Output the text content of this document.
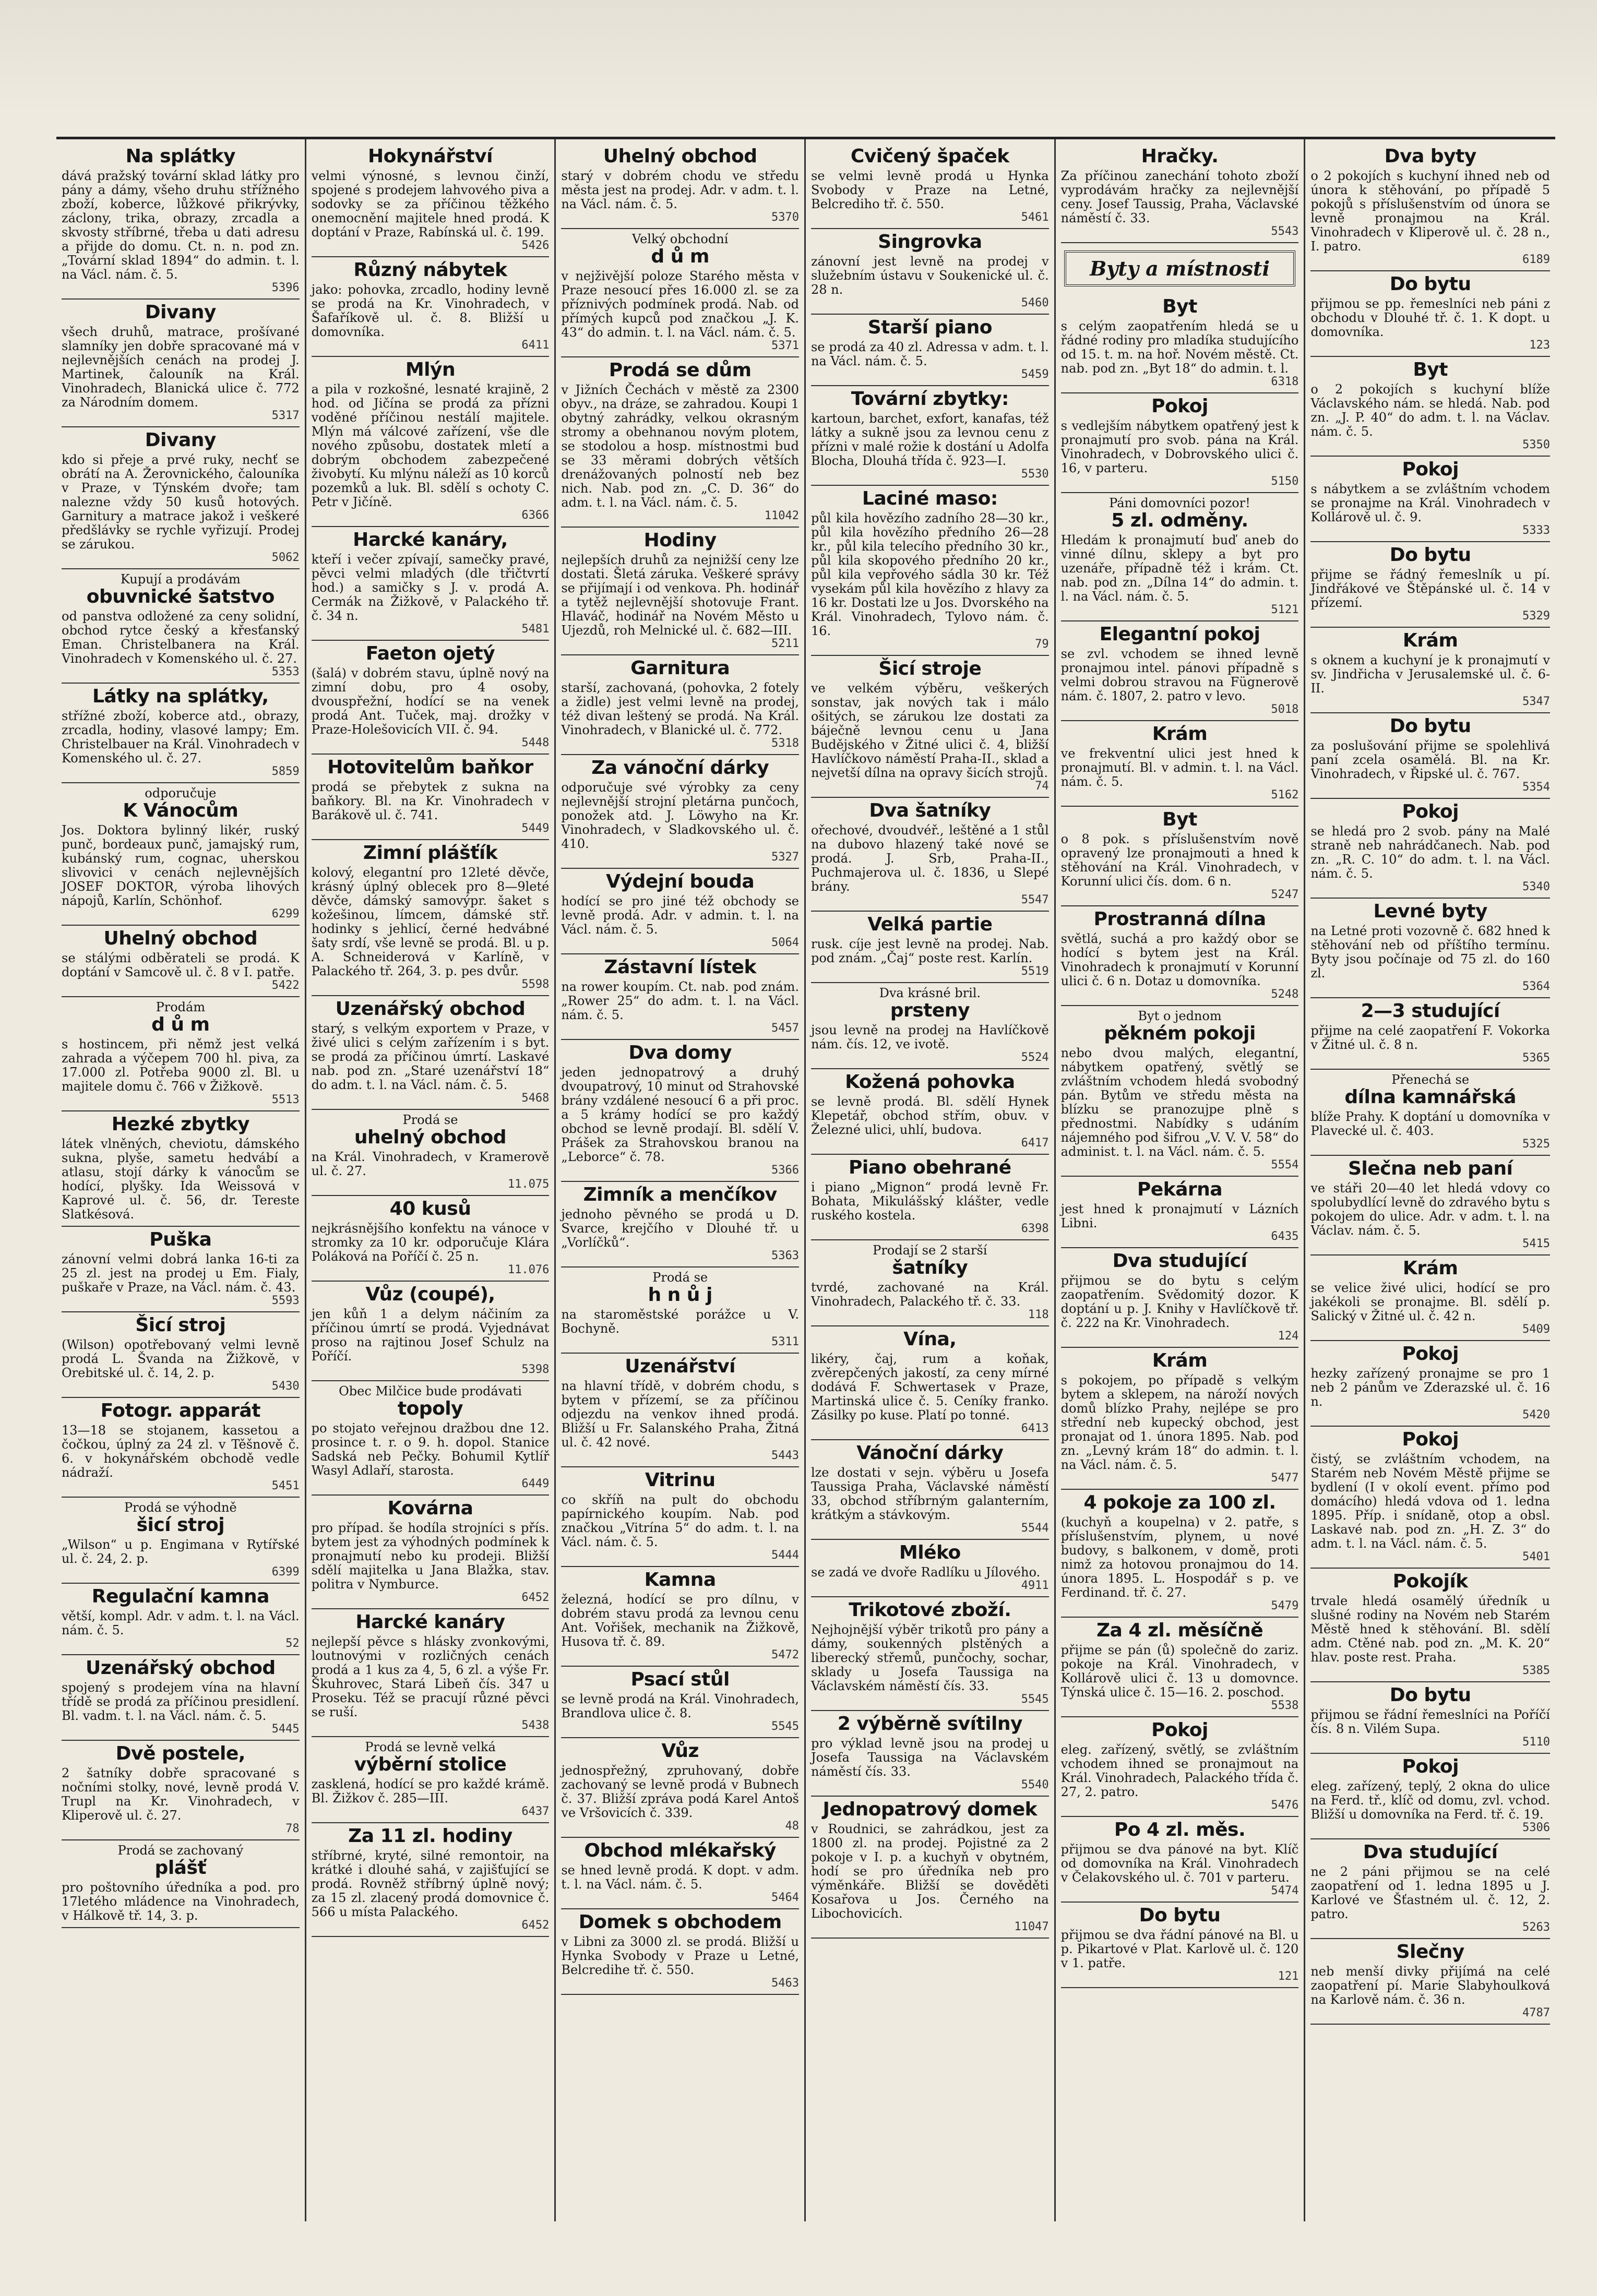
Na splátky

dává pražský tovární sklad látky pro pány a dámy, všeho druhu střížného zboží, koberce, lůžkové přikrývky, záclony, trika, obrazy, zrcadla a skvosty stříbrné, třeba u dati adresu a přijde do domu. Ct. n. n. pod zn. „Tovární sklad 1894“ do admin. t. l. na Václ. nám. č. 5.

5396
Divany

všech druhů, matrace, prošívané slamníky jen dobře spracované má v nejlevnějších cenách na prodej J. Martinek, čalouník na Král. Vinohradech, Blanická ulice č. 772 za Národním domem.

5317
Divany

kdo si přeje a prvé ruky, nechť se obrátí na A. Žerovnického, čalouníka v Praze, v Týnském dvoře; tam nalezne vždy 50 kusů hotových. Garnitury a matrace jakož i veškeré předšlávky se rychle vyřizují. Prodej se zárukou.

5062
Kupují a prodávám
obuvnické šatstvo

od panstva odložené za ceny solidní, obchod rytce český a křesťanský Eman. Christelbanera na Král. Vinohradech v Komenského ul. č. 27.

5353
Látky na splátky,

střížné zboží, koberce atd., obrazy, zrcadla, hodiny, vlasové lampy; Em. Christelbauer na Král. Vinohradech v Komenského ul. č. 27.

5859
odporučuje
K Vánocům

Jos. Doktora bylinný likér, ruský punč, bordeaux punč, jamajský rum, kubánský rum, cognac, uherskou slivovici v cenách nejlevnějších JOSEF DOKTOR, výroba lihových nápojů, Karlín, Schönhof.

6299
Uhelný obchod

se stálými odběrateli se prodá. K doptání v Samcově ul. č. 8 v I. patře.

5422
Prodám
d ů m

s hostincem, při němž jest velká zahrada a výčepem 700 hl. piva, za 17.000 zl. Potřeba 9000 zl. Bl. u majitele domu č. 766 v Žižkově.

5513
Hezké zbytky

látek vlněných, cheviotu, dámského sukna, plyše, sametu hedvábí a atlasu, stojí dárky k vánocům se hodící, plyšky. Ida Weissová v Kaprové ul. č. 56, dr. Tereste Slatkésová.

Puška

zánovní velmi dobrá lanka 16-ti za 25 zl. jest na prodej u Em. Fialy, puškaře v Praze, na Václ. nám. č. 43.

5593
Šicí stroj

(Wilson) opotřebovaný velmi levně prodá L. Švanda na Žižkově, v Orebitské ul. č. 14, 2. p.

5430
Fotogr. apparát

13—18 se stojanem, kassetou a čočkou, úplný za 24 zl. v Těšnově č. 6. v hokynářském obchodě vedle nádraží.

5451
Prodá se výhodně
šicí stroj

„Wilson“ u p. Engimana v Rytířské ul. č. 24, 2. p.

6399
Regulační kamna

větší, kompl. Adr. v adm. t. l. na Václ. nám. č. 5.

52
Uzenářský obchod

spojený s prodejem vína na hlavní třídě se prodá za příčinou presidlení. Bl. vadm. t. l. na Václ. nám. č. 5.

5445
Dvě postele,

2 šatníky dobře spracované s nočními stolky, nové, levně prodá V. Trupl na Kr. Vinohradech, v Kliperově ul. č. 27.

78
Prodá se zachovaný
plášť

pro poštovního úředníka a pod. pro 17letého mládence na Vinohradech, v Hálkově tř. 14, 3. p.

Hokynářství

velmi výnosné, s levnou činží, spojené s prodejem lahvového piva a sodovky se za příčinou těžkého onemocnění majitele hned prodá. K doptání v Praze, Rabínská ul. č. 199.

5426
Různý nábytek

jako: pohovka, zrcadlo, hodiny levně se prodá na Kr. Vinohradech, v Šafaříkově ul. č. 8. Bližší u domovníka.

6411
Mlýn

a pila v rozkošné, lesnaté krajině, 2 hod. od Jičína se prodá za přízni voděné příčinou nestálí majitele. Mlýn má válcové zařízení, vše dle nového způsobu, dostatek mletí a dobrým obchodem zabezpečené živobytí. Ku mlýnu náleží as 10 korců pozemků a luk. Bl. sdělí s ochoty C. Petr v Jičíně.

6366
Harcké kanáry,

kteří i večer zpívají, samečky pravé, pěvci velmi mladých (dle třičtvrtí hod.) a samičky s J. v. prodá A. Cermák na Žižkově, v Palackého tř. č. 34 n.

5481
Faeton ojetý

(šalá) v dobrém stavu, úplně nový na zimní dobu, pro 4 osoby, dvouspřežní, hodící se na venek prodá Ant. Tuček, maj. drožky v Praze-Holešovicích VII. č. 94.

5448
Hotovitelům baňkor

prodá se přebytek z sukna na baňkory. Bl. na Kr. Vinohradech v Barákově ul. č. 741.

5449
Zimní plášťík

kolový, elegantní pro 12leté děvče, krásný úplný oblecek pro 8—9leté děvče, dámský samovýpr. šaket s kožešinou, límcem, dámské stř. hodinky s jehlicí, černé hedvábné šaty srdí, vše levně se prodá. Bl. u p. A. Schneiderová v Karlíně, v Palackého tř. 264, 3. p. pes dvůr.

5598
Uzenářský obchod

starý, s velkým exportem v Praze, v živé ulici s celým zařízením i s byt. se prodá za příčinou úmrtí. Laskavé nab. pod zn. „Staré uzenářství 18“ do adm. t. l. na Václ. nám. č. 5.

5468
Prodá se
uhelný obchod

na Král. Vinohradech, v Kramerově ul. č. 27.

11.075
40 kusů

nejkrásnějšího konfektu na vánoce v stromky za 10 kr. odporučuje Klára Poláková na Poříčí č. 25 n.

11.076
Vůz (coupé),

jen kůň 1 a delym náčiním za příčinou úmrtí se prodá. Vyjednávat proso na rajtinou Josef Schulz na Poříčí.

5398
Obec Milčice bude prodávati
topoly

po stojato veřejnou dražbou dne 12. prosince t. r. o 9. h. dopol. Stanice Sadská neb Pečky. Bohumil Kytlíř Wasyl Adlaří, starosta.

6449
Kovárna

pro případ. še hodíla strojníci s přís. bytem jest za výhodných podmínek k pronajmutí nebo ku prodeji. Bližší sdělí majitelka u Jana Blažka, stav. politra v Nymburce.

6452
Harcké kanáry

nejlepší pěvce s hlásky zvonkovými, loutnovými v rozličných cenách prodá a 1 kus za 4, 5, 6 zl. a výše Fr. Škuhrovec, Stará Libeň čís. 347 u Proseku. Též se pracují různé pěvci se ruší.

5438
Prodá se levně velká
výběrní stolice

zasklená, hodící se pro každé krámě. Bl. Žižkov č. 285—III.

6437
Za 11 zl. hodiny

stříbrné, kryté, silné remontoir, na krátké i dlouhé sahá, v zajišťující se prodá. Rovněž stříbrný úplně nový; za 15 zl. zlacený prodá domovnice č. 566 u místa Palackého.

6452
Uhelný obchod

starý v dobrém chodu ve středu města jest na prodej. Adr. v adm. t. l. na Václ. nám. č. 5.

5370
Velký obchodní
d ů m

v nejživější poloze Starého města v Praze nesoucí přes 16.000 zl. se za příznivých podmínek prodá. Nab. od přímých kupců pod značkou „J. K. 43“ do admin. t. l. na Václ. nám. č. 5.

5371
Prodá se dům

v Jižních Čechách v městě za 2300 obyv., na dráze, se zahradou. Koupi 1 obytný zahrádky, velkou okrasným stromy a obehnanou novým plotem, se stodolou a hosp. místnostmi bud se 33 měrami dobrých větších drenážovaných polností neb bez nich. Nab. pod zn. „C. D. 36“ do adm. t. l. na Václ. nám. č. 5.

11042
Hodiny

nejlepších druhů za nejnižší ceny lze dostati. Šletá záruka. Veškeré správy se přijímají i od venkova. Ph. hodinář a tytěž nejlevnější shotovuje Frant. Hlaváč, hodinář na Novém Město u Ujezdů, roh Melnické ul. č. 682—III.

5211
Garnitura

starší, zachovaná, (pohovka, 2 fotely a židle) jest velmi levně na prodej, též divan leštený se prodá. Na Král. Vinohradech, v Blanické ul. č. 772.

5318
Za vánoční dárky

odporučuje své výrobky za ceny nejlevnější strojní pletárna punčoch, ponožek atd. J. Löwyho na Kr. Vinohradech, v Sladkovského ul. č. 410.

5327
Výdejní bouda

hodící se pro jiné též obchody se levně prodá. Adr. v admin. t. l. na Václ. nám. č. 5.

5064
Zástavní lístek

na rower koupím. Ct. nab. pod znám. „Rower 25“ do adm. t. l. na Václ. nám. č. 5.

5457
Dva domy

jeden jednopatrový a druhý dvoupatrový, 10 minut od Strahovské brány vzdálené nesoucí 6 a při proc. a 5 krámy hodící se pro každý obchod se levně prodají. Bl. sdělí V. Prášek za Strahovskou branou na „Leborce“ č. 78.

5366
Zimník a menčíkov

jednoho pěvného se prodá u D. Svarce, krejčího v Dlouhé tř. u „Vorlíčků“.

5363
Prodá se
h n ů j

na staroměstské porážce u V. Bochyně.

5311
Uzenářství

na hlavní třídě, v dobrém chodu, s bytem v přízemí, se za příčinou odjezdu na venkov ihned prodá. Bližší u Fr. Salanského Praha, Žitná ul. č. 42 nové.

5443
Vitrinu

co skříň na pult do obchodu papírnického koupím. Nab. pod značkou „Vitrína 5“ do adm. t. l. na Václ. nám. č. 5.

5444
Kamna

železná, hodící se pro dílnu, v dobrém stavu prodá za levnou cenu Ant. Vořišek, mechanik na Žižkově, Husova tř. č. 89.

5472
Psací stůl

se levně prodá na Král. Vinohradech, Brandlova ulice č. 8.

5545
Vůz

jednospřežný, zpruhovaný, dobře zachovaný se levně prodá v Bubnech č. 37. Bližší zpráva podá Karel Antoš ve Vršovicích č. 339.

48
Obchod mlékařský

se hned levně prodá. K dopt. v adm. t. l. na Václ. nám. č. 5.

5464
Domek s obchodem

v Libni za 3000 zl. se prodá. Bližší u Hynka Svobody v Praze u Letné, Belcredihe tř. č. 550.

5463
Cvičený špaček

se velmi levně prodá u Hynka Svobody v Praze na Letné, Belcrediho tř. č. 550.

5461
Singrovka

zánovní jest levně na prodej v služebním ústavu v Soukenické ul. č. 28 n.

5460
Starší piano

se prodá za 40 zl. Adressa v adm. t. l. na Václ. nám. č. 5.

5459
Tovární zbytky:

kartoun, barchet, exfort, kanafas, též látky a sukně jsou za levnou cenu z přízni v malé rožie k dostání u Adolfa Blocha, Dlouhá třída č. 923—I.

5530
Laciné maso:

půl kila hovězího zadního 28—30 kr., půl kila hovězího předního 26—28 kr., půl kila telecího předního 30 kr., půl kila skopového předního 20 kr., půl kila vepřového sádla 30 kr. Též vysekám půl kila hovězího z hlavy za 16 kr. Dostati lze u Jos. Dvorského na Král. Vinohradech, Tylovo nám. č. 16.

79
Šicí stroje

ve velkém výběru, veškerých sonstav, jak nových tak i málo ošitých, se zárukou lze dostati za báječně levnou cenu u Jana Budějského v Žitné ulici č. 4, bližší Havlíčkovo náměstí Praha-II., sklad a nejvetší dílna na opravy šicích strojů.

74
Dva šatníky

ořechové, dvoudvéř., leštěné a 1 stůl na dubovo hlazený také nové se prodá. J. Srb, Praha-II., Puchmajerova ul. č. 1836, u Slepé brány.

5547
Velká partie

rusk. cíje jest levně na prodej. Nab. pod znám. „Čaj“ poste rest. Karlín.

5519
Dva krásné bril.
prsteny

jsou levně na prodej na Havlíčkově nám. čís. 12, ve ivotě.

5524
Kožená pohovka

se levně prodá. Bl. sdělí Hynek Klepetář, obchod střím, obuv. v Železné ulici, uhlí, budova.

6417
Piano obehrané

i piano „Mignon“ prodá levně Fr. Bohata, Mikulášský klášter, vedle ruského kostela.

6398
Prodají se 2 starší
šatníky

tvrdé, zachované na Král. Vinohradech, Palackého tř. č. 33.

118
Vína,

likéry, čaj, rum a koňak, zvěrepčených jakostí, za ceny mírné dodává F. Schwertasek v Praze, Martinská ulice č. 5. Ceníky franko. Zásilky po kuse. Platí po tonné.

6413
Vánoční dárky

lze dostati v sejn. výběru u Josefa Taussiga Praha, Václavské náměstí 33, obchod stříbrným galanterním, krátkým a stávkovým.

5544
Mléko

se zadá ve dvoře Radlíku u Jílového.

4911
Trikotové zboží.

Nejhojnější výběr trikotů pro pány a dámy, soukenných plstěných a liberecký střemů, punčochy, sochar, sklady u Josefa Taussiga na Václavském náměstí čís. 33.

5545
2 výběrně svítilny

pro výklad levně jsou na prodej u Josefa Taussiga na Václavském náměstí čís. 33.

5540
Jednopatrový domek

v Roudnici, se zahrádkou, jest za 1800 zl. na prodej. Pojistné za 2 pokoje v I. p. a kuchyň v obytném, hodí se pro úředníka neb pro výměnkáře. Bližší se dověděti Kosařova u Jos. Černého na Libochovicích.

11047
Hračky.

Za příčinou zanechání tohoto zboží vyprodávám hračky za nejlevnější ceny. Josef Taussig, Praha, Václavské náměstí č. 33.

5543
Byty a místnosti
Byt

s celým zaopatřením hledá se u řádné rodiny pro mladíka studujícího od 15. t. m. na hoř. Novém městě. Ct. nab. pod zn. „Byt 18“ do admin. t. l.

6318
Pokoj

s vedlejším nábytkem opatřený jest k pronajmutí pro svob. pána na Král. Vinohradech, v Dobrovského ulici č. 16, v parteru.

5150
Páni domovníci pozor!
5 zl. odměny.

Hledám k pronajmutí buď aneb do vinné dílnu, sklepy a byt pro uzenáře, případně též i krám. Ct. nab. pod zn. „Dílna 14“ do admin. t. l. na Václ. nám. č. 5.

5121
Elegantní pokoj

se zvl. vchodem se ihned levně pronajmou intel. pánovi případně s velmi dobrou stravou na Fügnerově nám. č. 1807, 2. patro v levo.

5018
Krám

ve frekventní ulici jest hned k pronajmutí. Bl. v admin. t. l. na Václ. nám. č. 5.

5162
Byt

o 8 pok. s příslušenstvím nově opravený lze pronajmouti a hned k stěhování na Král. Vinohradech, v Korunní ulici čís. dom. 6 n.

5247
Prostranná dílna

světlá, suchá a pro každý obor se hodící s bytem jest na Král. Vinohradech k pronajmutí v Korunní ulici č. 6 n. Dotaz u domovníka.

5248
Byt o jednom
pěkném pokoji

nebo dvou malých, elegantní, nábytkem opatřený, světlý se zvláštním vchodem hledá svobodný pán. Bytům ve středu města na blízku se pranozujpe plně s přednostmi. Nabídky s udáním nájemného pod šifrou „V. V. V. 58“ do administ. t. l. na Václ. nám. č. 5.

5554
Pekárna

jest hned k pronajmutí v Lázních Libni.

6435
Dva studující

přijmou se do bytu s celým zaopatřením. Svědomitý dozor. K doptání u p. J. Knihy v Havlíčkově tř. č. 222 na Kr. Vinohradech.

124
Krám

s pokojem, po případě s velkým bytem a sklepem, na nároží nových domů blízko Prahy, nejlépe se pro střední neb kupecký obchod, jest pronajat od 1. února 1895. Nab. pod zn. „Levný krám 18“ do admin. t. l. na Václ. nám. č. 5.

5477
4 pokoje za 100 zl.

(kuchyň a koupelna) v 2. patře, s příslušenstvím, plynem, u nové budovy, s balkonem, v domě, proti nimž za hotovou pronajmou do 14. února 1895. L. Hospodář s p. ve Ferdinand. tř. č. 27.

5479
Za 4 zl. měsíčně

přijme se pán (ů) společně do zariz. pokoje na Král. Vinohradech, v Kollárově ulici č. 13 u domovnce. Týnská ulice č. 15—16. 2. poschod.

5538
Pokoj

eleg. zařízený, světlý, se zvláštním vchodem ihned se pronajmout na Král. Vinohradech, Palackého třída č. 27, 2. patro.

5476
Po 4 zl. měs.

přijmou se dva pánové na byt. Klíč od domovníka na Král. Vinohradech v Čelakovského ul. č. 701 v parteru.

5474
Do bytu

přijmou se dva řádní pánové na Bl. u p. Pikartové v Plat. Karlově ul. č. 120 v 1. patře.

121
Dva byty

o 2 pokojích s kuchyní ihned neb od února k stěhování, po případě 5 pokojů s příslušenstvím od února se levně pronajmou na Král. Vinohradech v Kliperově ul. č. 28 n., I. patro.

6189
Do bytu

přijmou se pp. řemeslníci neb páni z obchodu v Dlouhé tř. č. 1. K dopt. u domovníka.

123
Byt

o 2 pokojích s kuchyní blíže Václavského nám. se hledá. Nab. pod zn. „J. P. 40“ do adm. t. l. na Václav. nám. č. 5.

5350
Pokoj

s nábytkem a se zvláštním vchodem se pronajme na Král. Vinohradech v Kollárově ul. č. 9.

5333
Do bytu

přijme se řádný řemeslník u pí. Jindřákové ve Štěpánské ul. č. 14 v přízemí.

5329
Krám

s oknem a kuchyní je k pronajmutí v sv. Jindřicha v Jerusalemské ul. č. 6-II.

5347
Do bytu

za poslušování přijme se spolehlivá paní zcela osamělá. Bl. na Kr. Vinohradech, v Řipské ul. č. 767.

5354
Pokoj

se hledá pro 2 svob. pány na Malé straně neb nahrádčanech. Nab. pod zn. „R. C. 10“ do adm. t. l. na Václ. nám. č. 5.

5340
Levné byty

na Letné proti vozovně č. 682 hned k stěhování neb od příštího termínu. Byty jsou počínaje od 75 zl. do 160 zl.

5364
2—3 studující

přijme na celé zaopatření F. Vokorka v Žitné ul. č. 8 n.

5365
Přenechá se
dílna kamnářská

blíže Prahy. K doptání u domovníka v Plavecké ul. č. 403.

5325
Slečna neb paní

ve stáři 20—40 let hledá vdovy co spolubydlící levně do zdravého bytu s pokojem do ulice. Adr. v adm. t. l. na Václav. nám. č. 5.

5415
Krám

se velice živé ulici, hodící se pro jakékoli se pronajme. Bl. sdělí p. Salický v Žitné ul. č. 42 n.

5409
Pokoj

hezky zařízený pronajme se pro 1 neb 2 pánům ve Zderazské ul. č. 16 n.

5420
Pokoj

čistý, se zvláštním vchodem, na Starém neb Novém Městě přijme se bydlení (I v okolí event. přímo pod domácího) hledá vdova od 1. ledna 1895. Příp. i snídaně, otop a obsl. Laskavé nab. pod zn. „H. Z. 3“ do adm. t. l. na Václ. nám. č. 5.

5401
Pokojík

trvale hledá osamělý úředník u slušné rodiny na Novém neb Starém Městě hned k stěhování. Bl. sdělí adm. Ctěné nab. pod zn. „M. K. 20“ hlav. poste rest. Praha.

5385
Do bytu

přijmou se řádní řemeslníci na Poříčí čís. 8 n. Vilém Supa.

5110
Pokoj

eleg. zařízený, teplý, 2 okna do ulice na Ferd. tř., klíč od domu, zvl. vchod. Bližší u domovníka na Ferd. tř. č. 19.

5306
Dva studující

ne 2 páni přijmou se na celé zaopatření od 1. ledna 1895 u J. Karlové ve Šťastném ul. č. 12, 2. patro.

5263
Slečny

neb menší divky přijímá na celé zaopatření pí. Marie Slabyhoulková na Karlově nám. č. 36 n.

4787
